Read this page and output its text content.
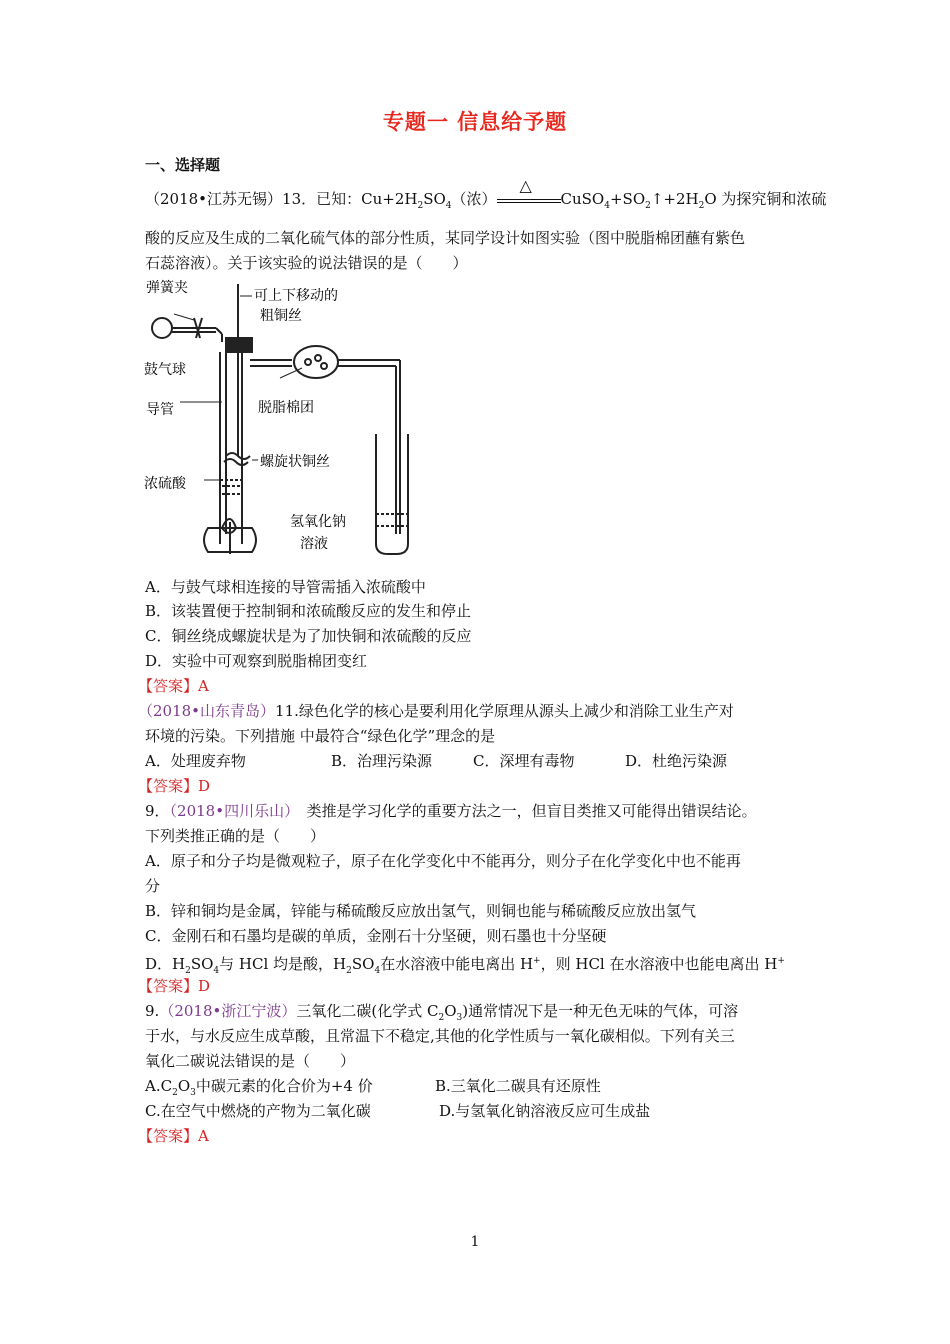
专题一 信息给予题
一、选择题
（2018•江苏无锡）13．已知：$Cu+2H_2SO_4$（浓）
△
$CuSO_4+SO_2↑+2H_2O$ 为探究铜和浓硫
酸的反应及生成的二氧化硫气体的部分性质，某同学设计如图实验（图中脱脂棉团蘸有紫色
石蕊溶液）。关于该实验的说法错误的是（　　）
弹簧夹	可上下移动的
粗铜丝
鼓气球
脱脂棉团
导管
螺旋状铜丝
浓硫酸
氢氧化钠
溶液
A．与鼓气球相连接的导管需插入浓硫酸中
B．该装置便于控制铜和浓硫酸反应的发生和停止
C．铜丝绕成螺旋状是为了加快铜和浓硫酸的反应
D．实验中可观察到脱脂棉团变红
【答案】A
（2018•山东青岛）11.绿色化学的核心是要利用化学原理从源头上减少和消除工业生产对
环境的污染。下列措施 中最符合“绿色化学”理念的是
A．处理废弃物	B．治理污染源	C．深埋有毒物	D．杜绝污染源
【答案】D
9．（2018•四川乐山）　类推是学习化学的重要方法之一，但盲目类推又可能得出错误结论。
下列类推正确的是（　　）
A．原子和分子均是微观粒子，原子在化学变化中不能再分，则分子在化学变化中也不能再
分
B．锌和铜均是金属，锌能与稀硫酸反应放出氢气，则铜也能与稀硫酸反应放出氢气
C．金刚石和石墨均是碳的单质，金刚石十分坚硬，则石墨也十分坚硬
D．$H_2SO_4$与 HCl 均是酸，$H_2SO_4$在水溶液中能电离出 H+，则 HCl 在水溶液中也能电离出 H+
【答案】D
9.（2018•浙江宁波）三氧化二碳(化学式 $C_2O_3$)通常情况下是一种无色无味的气体，可溶
于水，与水反应生成草酸，且常温下不稳定,其他的化学性质与一氧化碳相似。下列有关三
氧化二碳说法错误的是（　　）
$A.C_2O_3$中碳元素的化合价为+4 价	B.三氧化二碳具有还原性
C.在空气中燃烧的产物为二氧化碳	D.与氢氧化钠溶液反应可生成盐
【答案】A
1
